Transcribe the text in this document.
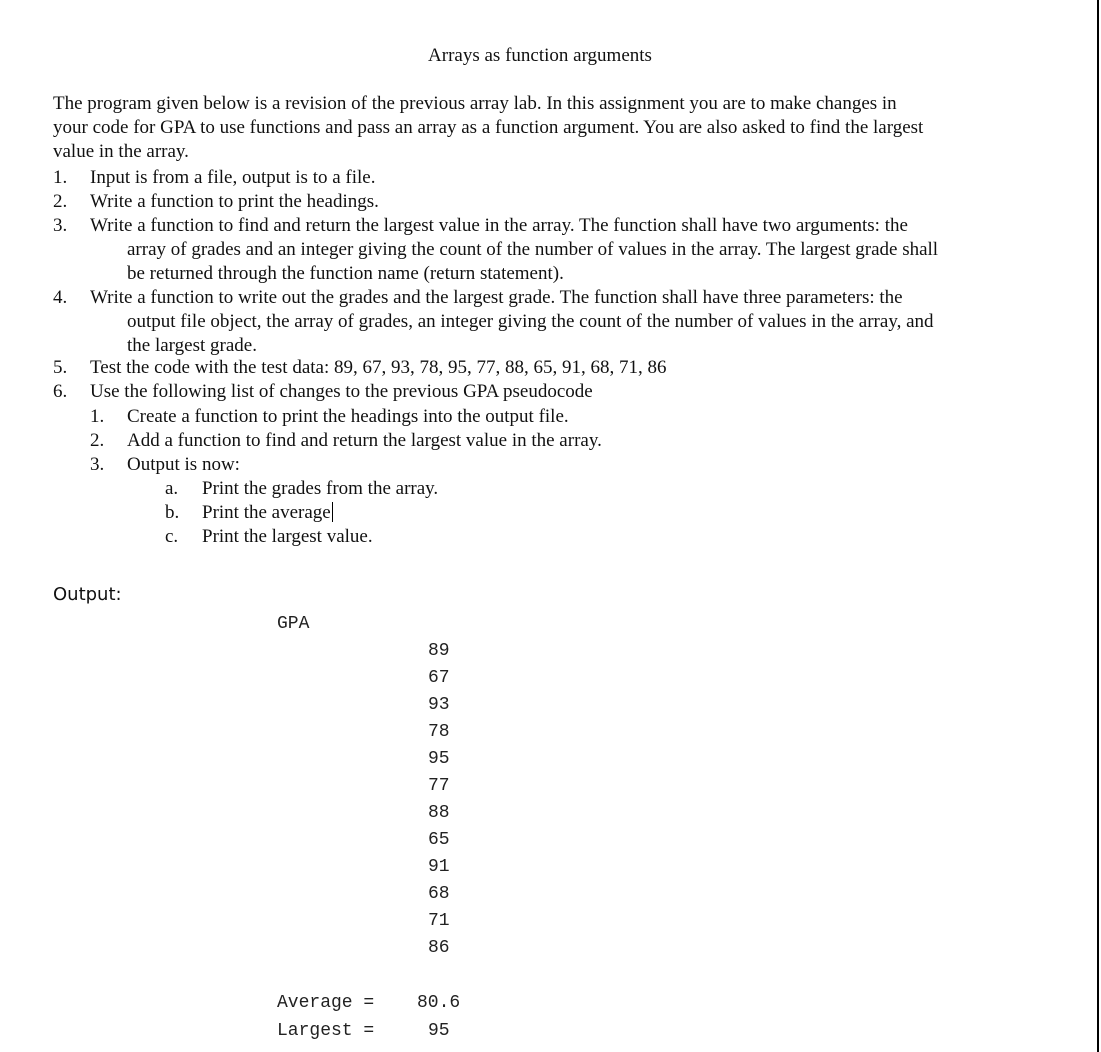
Arrays as function arguments
The program given below is a revision of the previous array lab. In this assignment you are to make changes in
your code for GPA to use functions and pass an array as a function argument. You are also asked to find the largest
value in the array.
1. Input is from a file, output is to a file.
2. Write a function to print the headings.
3. Write a function to find and return the largest value in the array. The function shall have two arguments: the
array of grades and an integer giving the count of the number of values in the array. The largest grade shall
be returned through the function name (return statement).
4. Write a function to write out the grades and the largest grade. The function shall have three parameters: the
output file object, the array of grades, an integer giving the count of the number of values in the array, and
the largest grade.
5. Test the code with the test data: 89, 67, 93, 78, 95, 77, 88, 65, 91, 68, 71, 86
6. Use the following list of changes to the previous GPA pseudocode
1. Create a function to print the headings into the output file.
2. Add a function to find and return the largest value in the array.
3. Output is now:
a. Print the grades from the array.
b. Print the average
c. Print the largest value.
Output:
GPA
89
67
93
78
95
77
88
65
91
68
71
86
Average = 80.6
Largest =	95
